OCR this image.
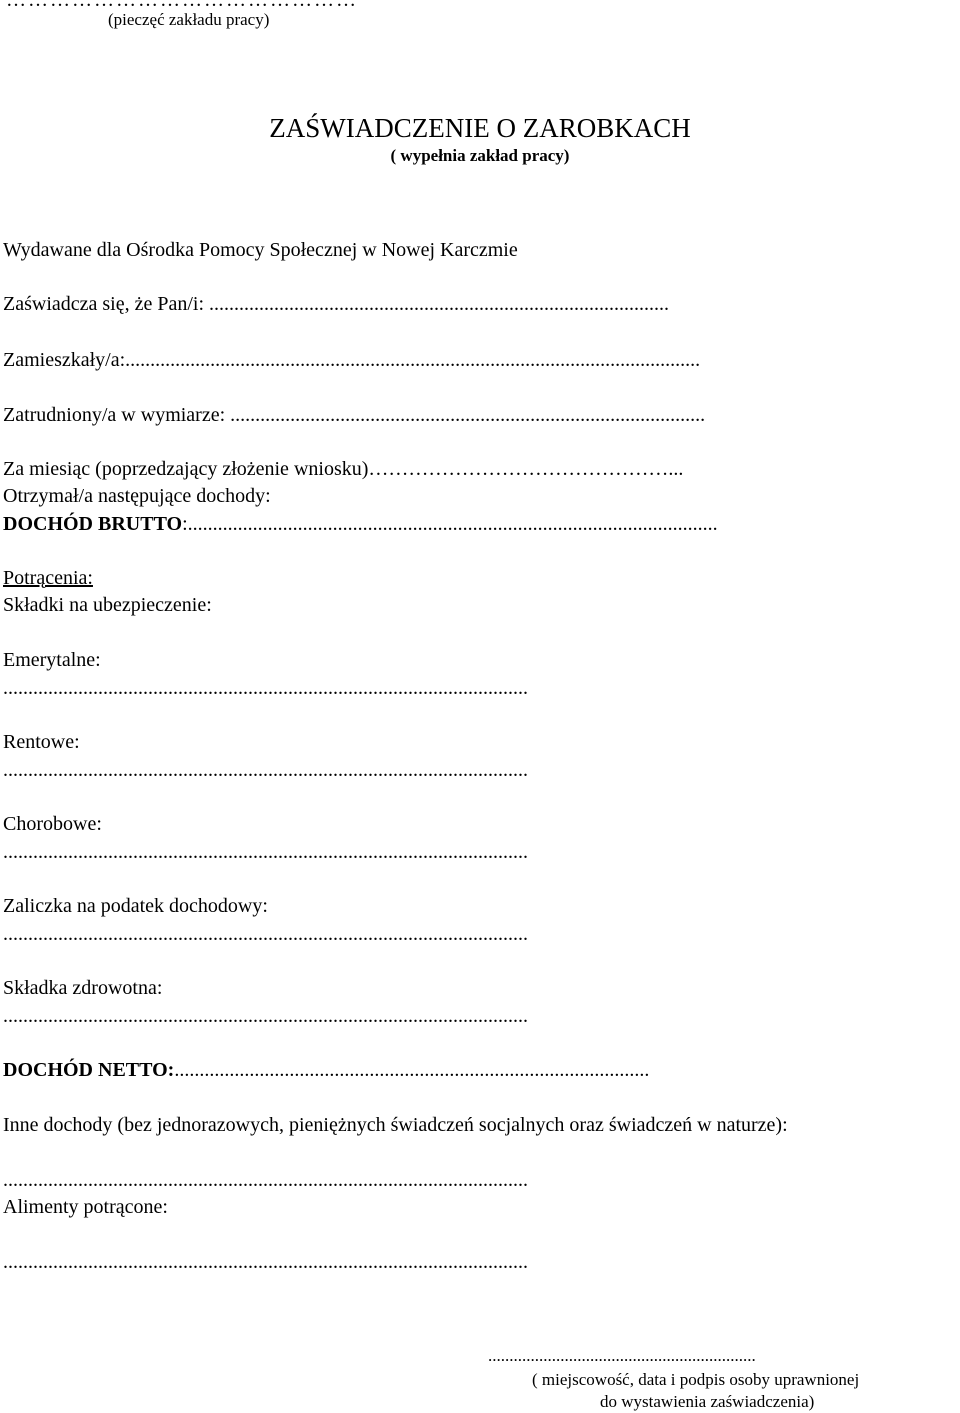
…………………………………………
(pieczęć zakładu pracy)
ZAŚWIADCZENIE O ZAROBKACH
( wypełnia zakład pracy)
Wydawane dla Ośrodka Pomocy Społecznej w Nowej Karczmie
Zaświadcza się, że Pan/i: ............................................................................................
Zamieszkały/a:...................................................................................................................
Zatrudniony/a w wymiarze: ...............................................................................................
Za miesiąc (poprzedzający złożenie wniosku)………………………………………...
Otrzymał/a następujące dochody:
DOCHÓD BRUTTO:..........................................................................................................
Potrącenia:
Składki na ubezpieczenie:
Emerytalne:
.........................................................................................................
Rentowe:
.........................................................................................................
Chorobowe:
.........................................................................................................
Zaliczka na podatek dochodowy:
.........................................................................................................
Składka zdrowotna:
.........................................................................................................
DOCHÓD NETTO:...............................................................................................
Inne dochody (bez jednorazowych, pieniężnych świadczeń socjalnych oraz świadczeń w naturze):
.........................................................................................................
Alimenty potrącone:
.........................................................................................................
...............................................................
( miejscowość, data i podpis osoby uprawnionej
do wystawienia zaświadczenia)
